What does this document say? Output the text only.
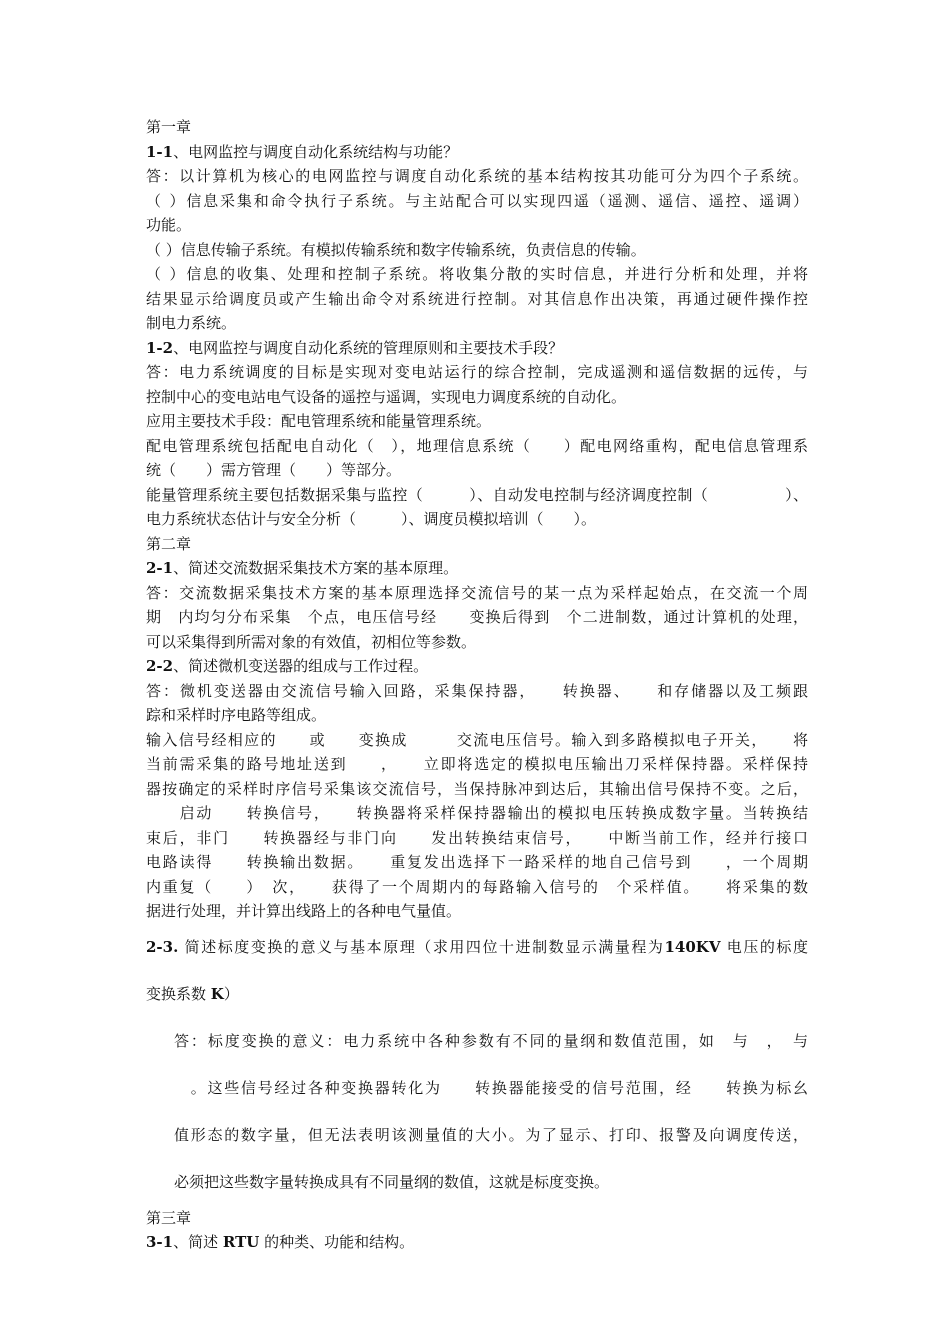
第一章
1-1、电网监控与调度自动化系统结构与功能？
答：以计算机为核心的电网监控与调度自动化系统的基本结构按其功能可分为四个子系统。
（ ）信息采集和命令执行子系统。与主站配合可以实现四遥（遥测、遥信、遥控、遥调）
功能。
（ ）信息传输子系统。有模拟传输系统和数字传输系统，负责信息的传输。
（ ）信息的收集、处理和控制子系统。将收集分散的实时信息，并进行分析和处理，并将
结果显示给调度员或产生输出命令对系统进行控制。对其信息作出决策，再通过硬件操作控
制电力系统。
1-2、电网监控与调度自动化系统的管理原则和主要技术手段？
答：电力系统调度的目标是实现对变电站运行的综合控制，完成遥测和遥信数据的远传，与
控制中心的变电站电气设备的遥控与遥调，实现电力调度系统的自动化。
应用主要技术手段：配电管理系统和能量管理系统。
配电管理系统包括配电自动化（　），地理信息系统（　　）配电网络重构，配电信息管理系
统（　　）需方管理（　　）等部分。
能量管理系统主要包括数据采集与监控（　　　）、自动发电控制与经济调度控制（　　　　　）、
电力系统状态估计与安全分析（　　　）、调度员模拟培训（　　）。
第二章
2-1、简述交流数据采集技术方案的基本原理。
答：交流数据采集技术方案的基本原理选择交流信号的某一点为采样起始点，在交流一个周
期　内均匀分布采集　个点，电压信号经　　变换后得到　个二进制数，通过计算机的处理，
可以采集得到所需对象的有效值，初相位等参数。
2-2、简述微机变送器的组成与工作过程。
答：微机变送器由交流信号输入回路，采集保持器，　　转换器、　　和存储器以及工频跟
踪和采样时序电路等组成。
输入信号经相应的　　或　　变换成　　　交流电压信号。输入到多路模拟电子开关，　　将
当前需采集的路号地址送到　　，　　立即将选定的模拟电压输出刀采样保持器。采样保持
器按确定的采样时序信号采集该交流信号，当保持脉冲到达后，其输出信号保持不变。之后，
　　启动　　转换信号，　　转换器将采样保持器输出的模拟电压转换成数字量。当转换结
束后，非门　　转换器经与非门向　　发出转换结束信号，　　中断当前工作，经并行接口
电路读得　　转换输出数据。　　重复发出选择下一路采样的地自己信号到　　，一个周期
内重复（　　）　次，　　获得了一个周期内的每路输入信号的　个采样值。　　将采集的数
据进行处理，并计算出线路上的各种电气量值。
2-3. 简述标度变换的意义与基本原理（求用四位十进制数显示满量程为140KV 电压的标度
变换系数 K）
答：标度变换的意义：电力系统中各种参数有不同的量纲和数值范围，如　与　，　与
　。这些信号经过各种变换器转化为　　转换器能接受的信号范围，经　　转换为标幺
值形态的数字量，但无法表明该测量值的大小。为了显示、打印、报警及向调度传送，
必须把这些数字量转换成具有不同量纲的数值，这就是标度变换。
第三章
3-1、简述 RTU 的种类、功能和结构。
